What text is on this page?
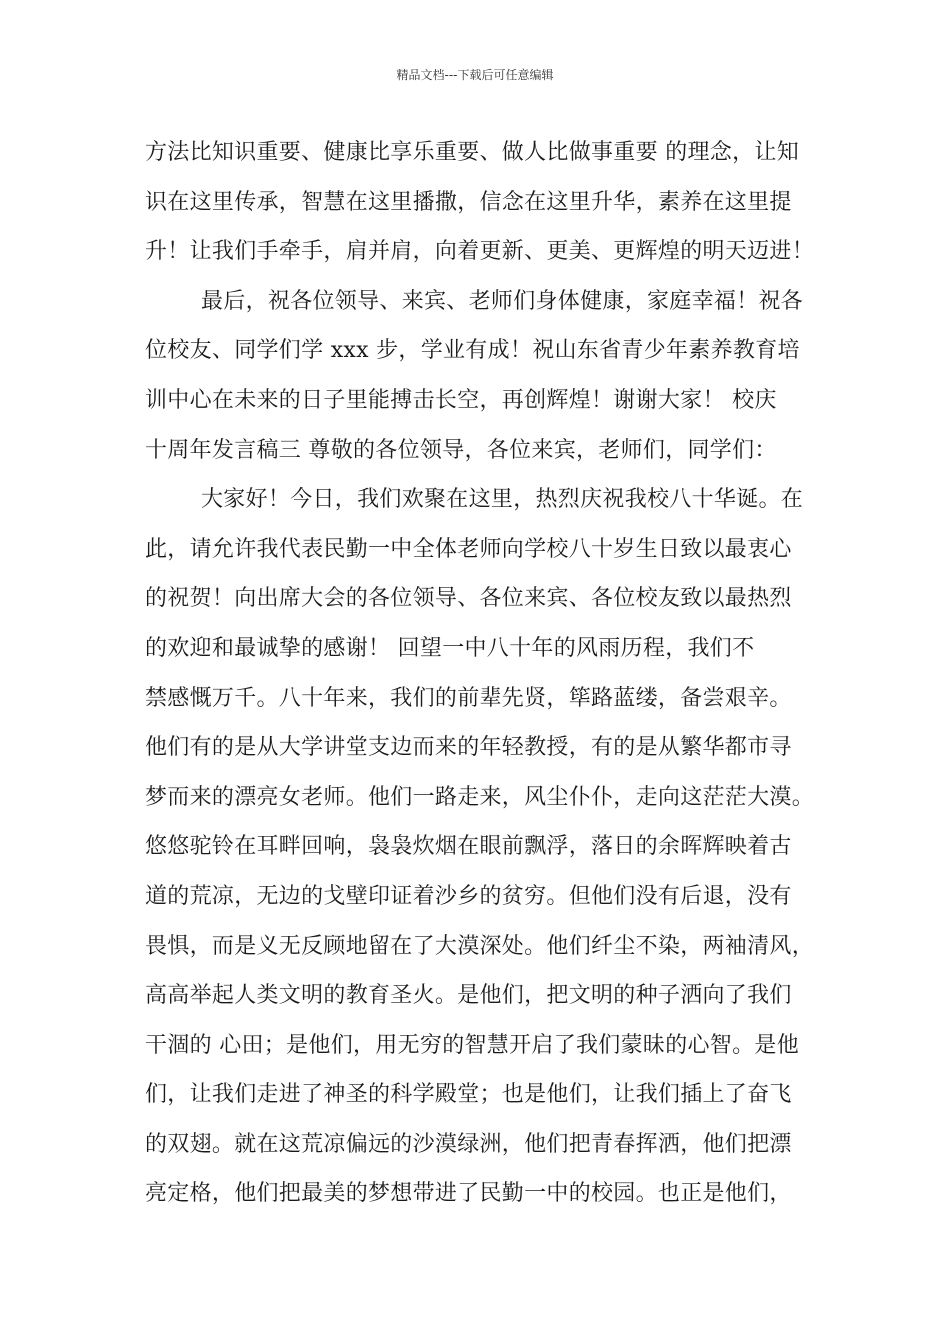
精品文档---下载后可任意编辑
方法比知识重要、健康比享乐重要、做人比做事重要 的理念，让知
识在这里传承，智慧在这里播撒，信念在这里升华，素养在这里提
升！让我们手牵手，肩并肩，向着更新、更美、更辉煌的明天迈进！
最后，祝各位领导、来宾、老师们身体健康，家庭幸福！祝各
位校友、同学们学 xxx 步，学业有成！祝山东省青少年素养教育培
训中心在未来的日子里能搏击长空，再创辉煌！谢谢大家！ 校庆
十周年发言稿三 尊敬的各位领导，各位来宾，老师们，同学们：
大家好！今日，我们欢聚在这里，热烈庆祝我校八十华诞。在
此，请允许我代表民勤一中全体老师向学校八十岁生日致以最衷心
的祝贺！向出席大会的各位领导、各位来宾、各位校友致以最热烈
的欢迎和最诚挚的感谢！ 回望一中八十年的风雨历程，我们不
禁感慨万千。八十年来，我们的前辈先贤，筚路蓝缕，备尝艰辛。
他们有的是从大学讲堂支边而来的年轻教授，有的是从繁华都市寻
梦而来的漂亮女老师。他们一路走来，风尘仆仆，走向这茫茫大漠。
悠悠驼铃在耳畔回响，袅袅炊烟在眼前飘浮，落日的余晖辉映着古
道的荒凉，无边的戈壁印证着沙乡的贫穷。但他们没有后退，没有
畏惧，而是义无反顾地留在了大漠深处。他们纤尘不染，两袖清风，
高高举起人类文明的教育圣火。是他们，把文明的种子洒向了我们
干涸的 心田；是他们，用无穷的智慧开启了我们蒙昧的心智。是他
们，让我们走进了神圣的科学殿堂；也是他们，让我们插上了奋飞
的双翅。就在这荒凉偏远的沙漠绿洲，他们把青春挥洒，他们把漂
亮定格，他们把最美的梦想带进了民勤一中的校园。也正是他们，
